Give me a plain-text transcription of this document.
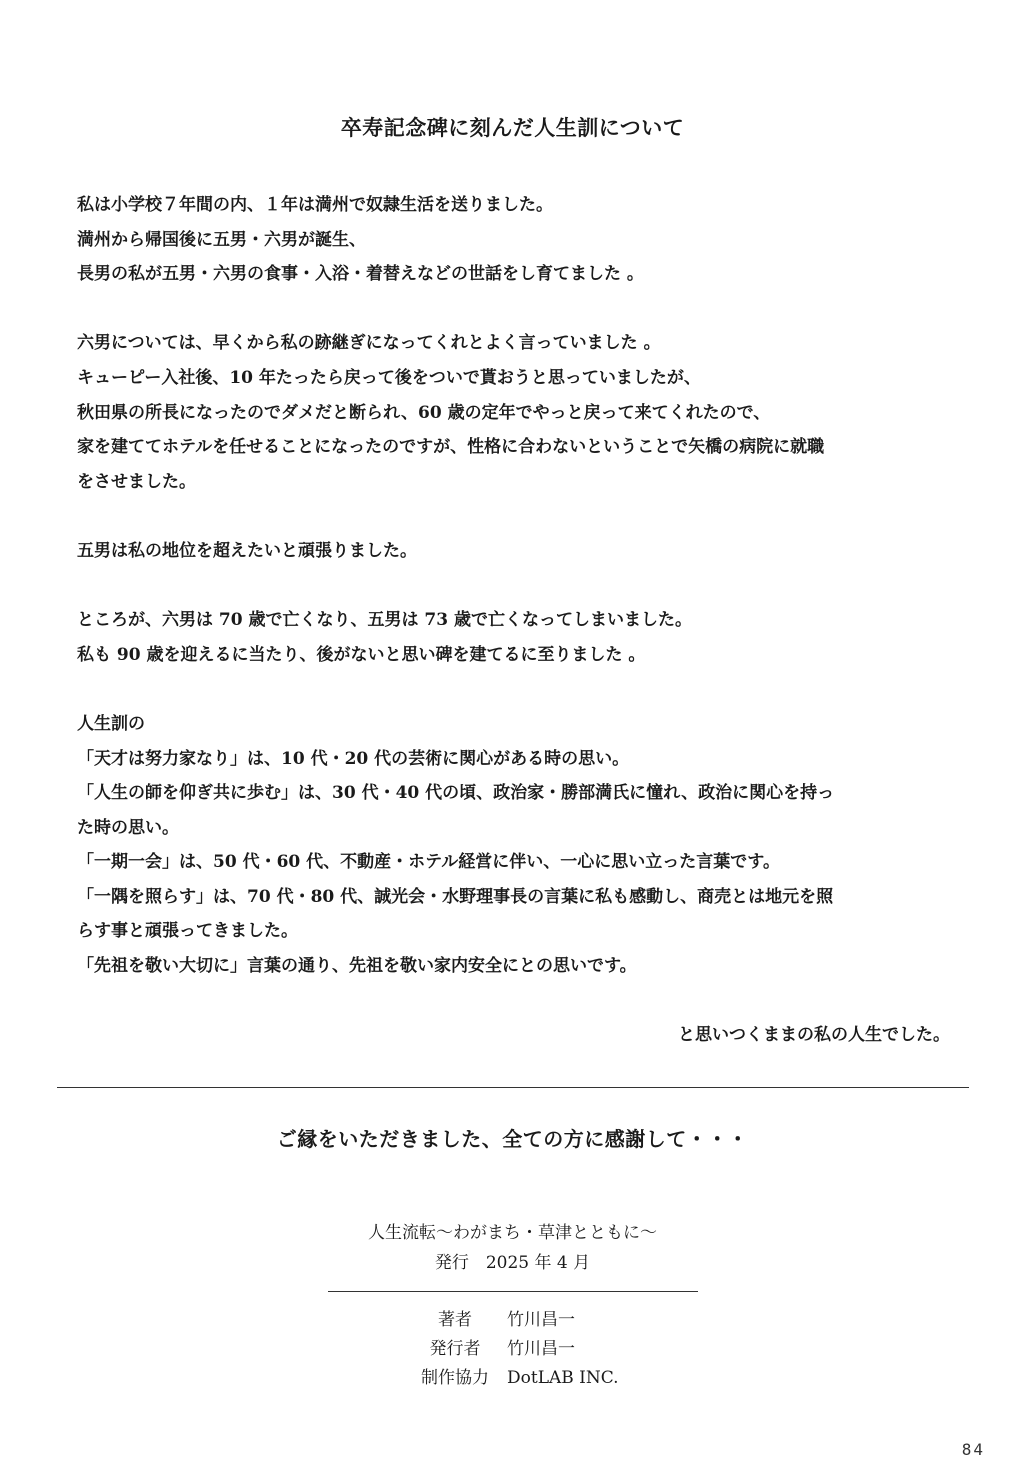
卒寿記念碑に刻んだ人生訓について
私は小学校７年間の内、１年は満州で奴隷生活を送りました。
満州から帰国後に五男・六男が誕生、
長男の私が五男・六男の食事・入浴・着替えなどの世話をし育てました 。
六男については、早くから私の跡継ぎになってくれとよく言っていました 。
キューピー入社後、10 年たったら戻って後をついで貰おうと思っていましたが、
秋田県の所長になったのでダメだと断られ、60 歳の定年でやっと戻って来てくれたので、
家を建ててホテルを任せることになったのですが、性格に合わないということで矢橋の病院に就職
をさせました。
五男は私の地位を超えたいと頑張りました。
ところが、六男は 70 歳で亡くなり、五男は 73 歳で亡くなってしまいました。
私も 90 歳を迎えるに当たり、後がないと思い碑を建てるに至りました 。
人生訓の
「天才は努力家なり」は、10 代・20 代の芸術に関心がある時の思い。
「人生の師を仰ぎ共に歩む」は、30 代・40 代の頃、政治家・勝部満氏に憧れ、政治に関心を持っ
た時の思い。
「一期一会」は、50 代・60 代、不動産・ホテル経営に伴い、一心に思い立った言葉です。
「一隅を照らす」は、70 代・80 代、誠光会・水野理事長の言葉に私も感動し、商売とは地元を照
らす事と頑張ってきました。
「先祖を敬い大切に」言葉の通り、先祖を敬い家内安全にとの思いです。
と思いつくままの私の人生でした。
ご縁をいただきました、全ての方に感謝して・・・
人生流転～わがまち・草津とともに～
発行　2025 年 4 月
著者	竹川昌一
発行者	竹川昌一
制作協力	DotLAB INC.
84
